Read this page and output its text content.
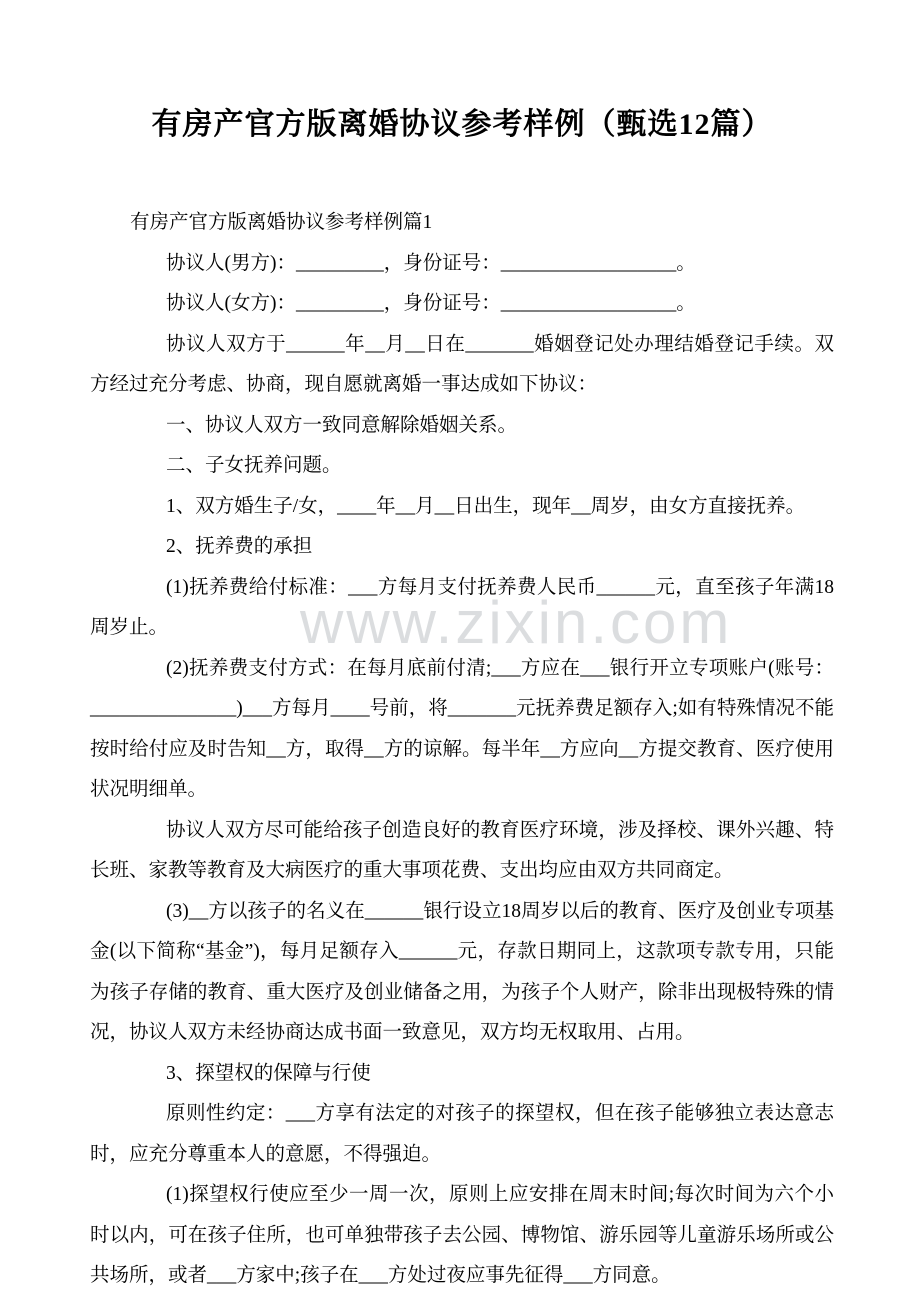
有房产官方版离婚协议参考样例（甄选12篇）

有房产官方版离婚协议参考样例篇1

协议人(男方)：_________，身份证号：__________________。

协议人(女方)：_________，身份证号：__________________。

协议人双方于______年__月__日在_______婚姻登记处办理结婚登记手续。双方经过充分考虑、协商，现自愿就离婚一事达成如下协议：

一、协议人双方一致同意解除婚姻关系。

二、子女抚养问题。

1、双方婚生子/女，____年__月__日出生，现年__周岁，由女方直接抚养。

2、抚养费的承担

(1)抚养费给付标准：___方每月支付抚养费人民币______元，直至孩子年满18周岁止。

(2)抚养费支付方式：在每月底前付清;___方应在___银行开立专项账户(账号：_______________)___方每月____号前，将_______元抚养费足额存入;如有特殊情况不能按时给付应及时告知__方，取得__方的谅解。每半年__方应向__方提交教育、医疗使用状况明细单。

协议人双方尽可能给孩子创造良好的教育医疗环境，涉及择校、课外兴趣、特长班、家教等教育及大病医疗的重大事项花费、支出均应由双方共同商定。

(3)__方以孩子的名义在______银行设立18周岁以后的教育、医疗及创业专项基金(以下简称“基金”)，每月足额存入______元，存款日期同上，这款项专款专用，只能为孩子存储的教育、重大医疗及创业储备之用，为孩子个人财产，除非出现极特殊的情况，协议人双方未经协商达成书面一致意见，双方均无权取用、占用。

3、探望权的保障与行使

原则性约定：___方享有法定的对孩子的探望权，但在孩子能够独立表达意志时，应充分尊重本人的意愿，不得强迫。

(1)探望权行使应至少一周一次，原则上应安排在周末时间;每次时间为六个小时以内，可在孩子住所，也可单独带孩子去公园、博物馆、游乐园等儿童游乐场所或公共场所，或者___方家中;孩子在___方处过夜应事先征得___方同意。

www.zixin.com
